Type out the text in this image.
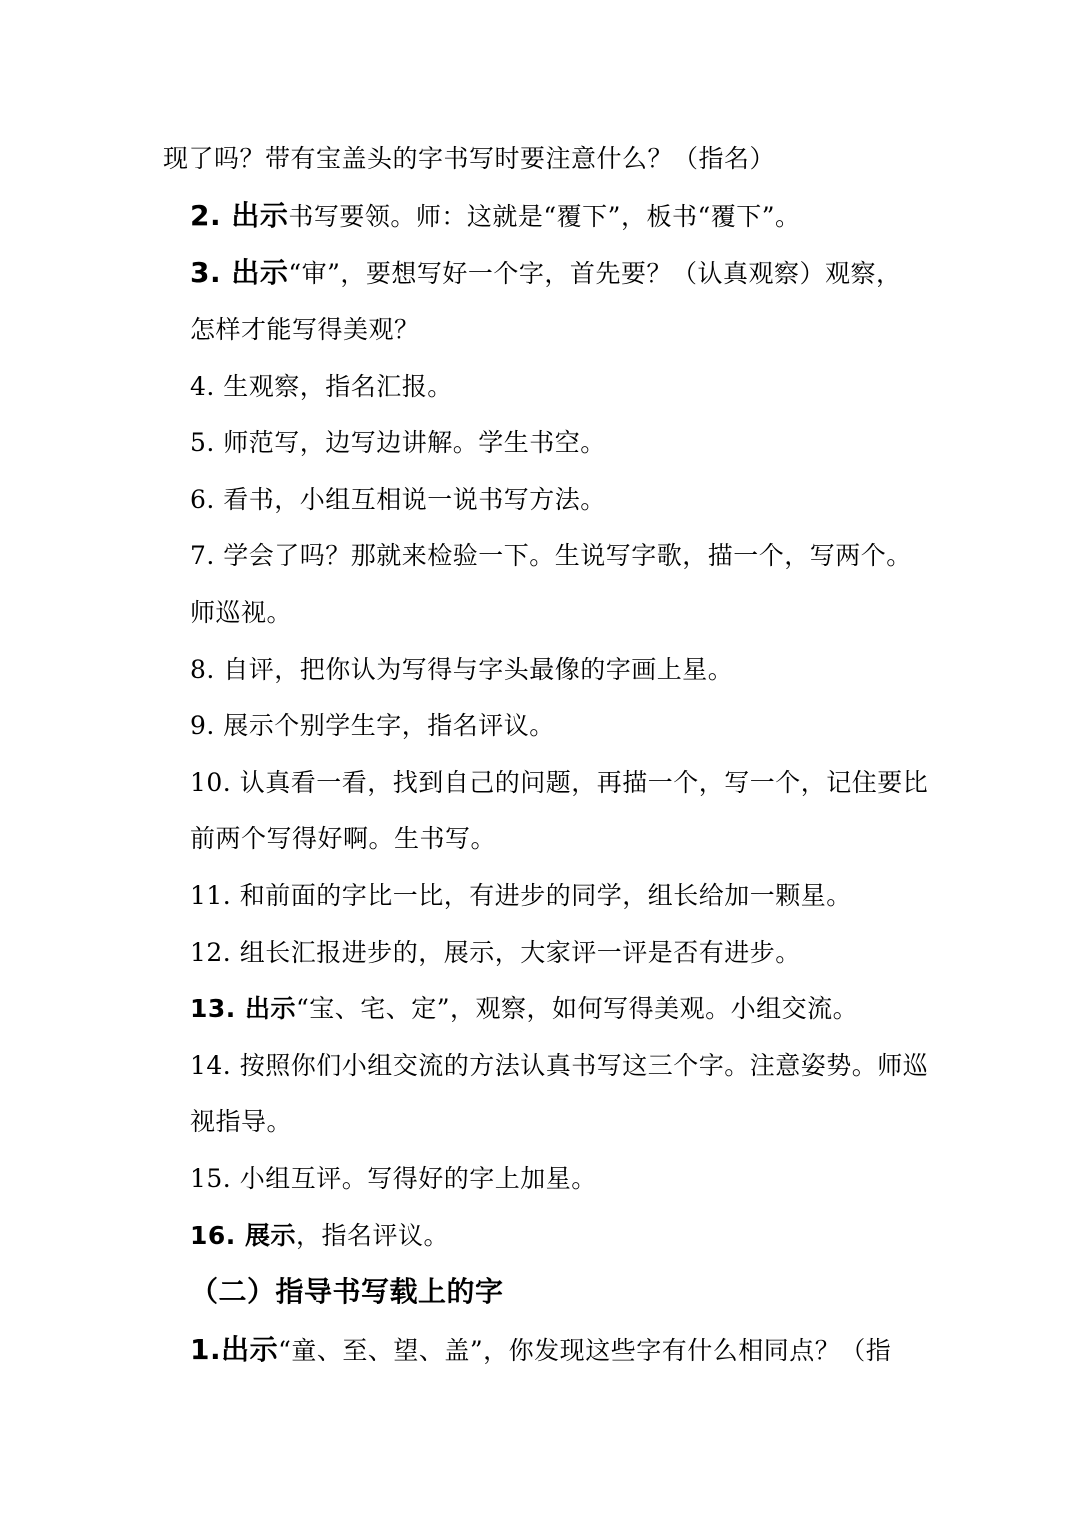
现了吗？带有宝盖头的字书写时要注意什么？（指名）
2. 出示书写要领。师：这就是“覆下”，板书“覆下”。
3. 出示“审”，要想写好一个字，首先要？（认真观察）观察，
怎样才能写得美观？
4. 生观察，指名汇报。
5. 师范写，边写边讲解。学生书空。
6. 看书，小组互相说一说书写方法。
7. 学会了吗？那就来检验一下。生说写字歌，描一个，写两个。
师巡视。
8. 自评，把你认为写得与字头最像的字画上星。
9. 展示个别学生字，指名评议。
10. 认真看一看，找到自己的问题，再描一个，写一个，记住要比
前两个写得好啊。生书写。
11. 和前面的字比一比，有进步的同学，组长给加一颗星。
12. 组长汇报进步的，展示，大家评一评是否有进步。
13. 出示“宝、宅、定”，观察，如何写得美观。小组交流。
14. 按照你们小组交流的方法认真书写这三个字。注意姿势。师巡
视指导。
15. 小组互评。写得好的字上加星。
16. 展示，指名评议。
（二）指导书写载上的字
1.出示“童、至、望、盖”，你发现这些字有什么相同点？（指
